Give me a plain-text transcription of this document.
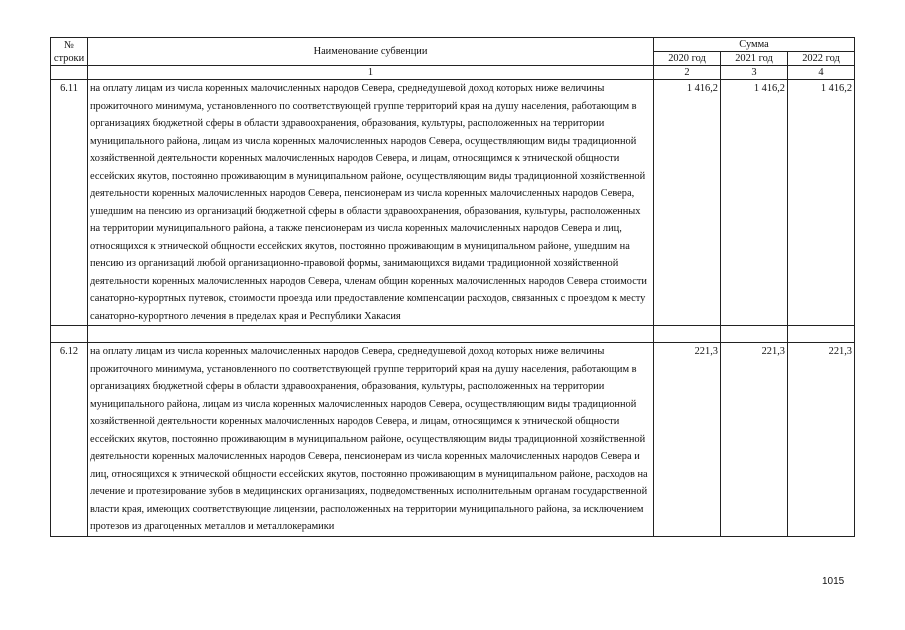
№
строки	Наименование субвенции	Сумма		
		2020 год	2021 год	2022 год
	1	2	3	4
6.11	на оплату лицам из числа коренных малочисленных народов Севера, среднедушевой доход которых ниже величины прожиточного минимума, установленного по соответствующей группе территорий края на душу населения, работающим в организациях бюджетной сферы в области здравоохранения, образования, культуры, расположенных на территории муниципального района, лицам из числа коренных малочисленных народов Севера, осуществляющим виды традиционной хозяйственной деятельности коренных малочисленных народов Севера, и лицам, относящимся к этнической общности ессейских якутов, постоянно проживающим в муниципальном районе, осуществляющим виды традиционной хозяйственной деятельности коренных малочисленных народов Севера, пенсионерам из числа коренных малочисленных народов Севера, ушедшим на пенсию из организаций бюджетной сферы в области здравоохранения, образования, культуры, расположенных на территории муниципального района, а также пенсионерам из числа коренных малочисленных народов Севера и лиц, относящихся к этнической общности ессейских якутов, постоянно проживающим в муниципальном районе, ушедшим на пенсию из организаций любой организационно-правовой формы, занимающихся видами традиционной хозяйственной деятельности коренных малочисленных народов Севера, членам общин коренных малочисленных народов Севера стоимости санаторно-курортных путевок, стоимости проезда или предоставление компенсации расходов, связанных с проездом к месту санаторно-курортного лечения в пределах края и Республики Хакасия	1 416,2	1 416,2	1 416,2

6.12	на оплату лицам из числа коренных малочисленных народов Севера, среднедушевой доход которых ниже величины прожиточного минимума, установленного по соответствующей группе территорий края на душу населения, работающим в организациях бюджетной сферы в области здравоохранения, образования, культуры, расположенных на территории муниципального района, лицам из числа коренных малочисленных народов Севера, осуществляющим виды традиционной хозяйственной деятельности коренных малочисленных народов Севера, и лицам, относящимся к этнической общности ессейских якутов, постоянно проживающим в муниципальном районе, осуществляющим виды традиционной хозяйственной деятельности коренных малочисленных народов Севера, пенсионерам из числа коренных малочисленных народов Севера и лиц, относящихся к этнической общности ессейских якутов, постоянно проживающим в муниципальном районе, расходов на лечение и протезирование зубов в медицинских организациях, подведомственных исполнительным органам государственной власти края, имеющих соответствующие лицензии, расположенных на территории муниципального района, за исключением протезов из драгоценных металлов и металлокерамики	221,3	221,3	221,3
1015
